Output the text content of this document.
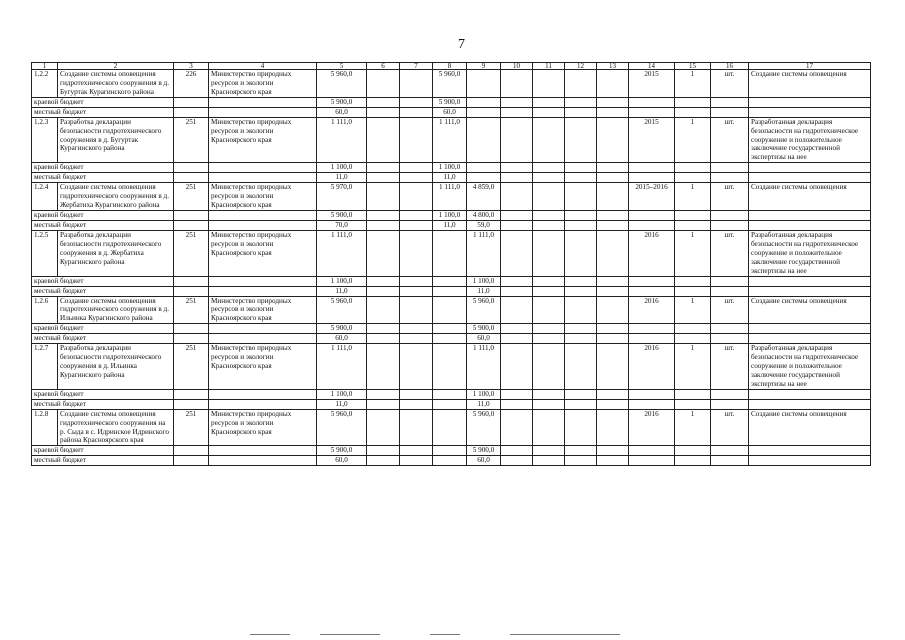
7
1	2	3	4	5	6	7	8	9	10	11	12	13	14	15	16	17
1.2.2	Создание системы оповещения гидротехнического сооружения в д. Бугуртак Курагинского района	226	Министерство природных ресурсов и экологии Красноярского края	5 960,0			5 960,0						2015	1	шт.	Создание системы оповещения
краевой бюджет				5 900,0			5 900,0									
местный бюджет				60,0			60,0									
1.2.3	Разработка декларации безопасности гидротехнического сооружения в д. Бугуртак Курагинского района	251	Министерство природных ресурсов и экологии Красноярского края	1 111,0			1 111,0						2015	1	шт.	Разработанная декларация безопасности на гидротехническое сооружение и положительное заключение государственной экспертизы на нее
краевой бюджет				1 100,0			1 100,0									
местный бюджет				11,0			11,0									
1.2.4	Создание системы оповещения гидротехнического сооружения в д. Жербатиха Курагинского района	251	Министерство природных ресурсов и экологии Красноярского края	5 970,0			1 111,0	4 859,0					2015–2016	1	шт.	Создание системы оповещения
краевой бюджет				5 900,0			1 100,0	4 800,0								
местный бюджет				70,0			11,0	59,0								
1.2.5	Разработка декларации безопасности гидротехнического сооружения в д. Жербатиха Курагинского района	251	Министерство природных ресурсов и экологии Красноярского края	1 111,0				1 111,0					2016	1	шт.	Разработанная декларация безопасности на гидротехническое сооружение и положительное заключение государственной экспертизы на нее
краевой бюджет				1 100,0				1 100,0								
местный бюджет				11,0				11,0								
1.2.6	Создание системы оповещения гидротехнического сооружения в д. Ильинка Курагинского района	251	Министерство природных ресурсов и экологии Красноярского края	5 960,0				5 960,0					2016	1	шт.	Создание системы оповещения
краевой бюджет				5 900,0				5 900,0								
местный бюджет				60,0				60,0								
1.2.7	Разработка декларации безопасности гидротехнического сооружения в д. Ильинка Курагинского района	251	Министерство природных ресурсов и экологии Красноярского края	1 111,0				1 111,0					2016	1	шт.	Разработанная декларация безопасности на гидротехническое сооружение и положительное заключение государственной экспертизы на нее
краевой бюджет				1 100,0				1 100,0								
местный бюджет				11,0				11,0								
1.2.8	Создание системы оповещения гидротехнического сооружения на р. Сыда в с. Идринское Идринского района Красноярского края	251	Министерство природных ресурсов и экологии Красноярского края	5 960,0				5 960,0					2016	1	шт.	Создание системы оповещения
краевой бюджет				5 900,0				5 900,0								
местный бюджет				60,0				60,0								
